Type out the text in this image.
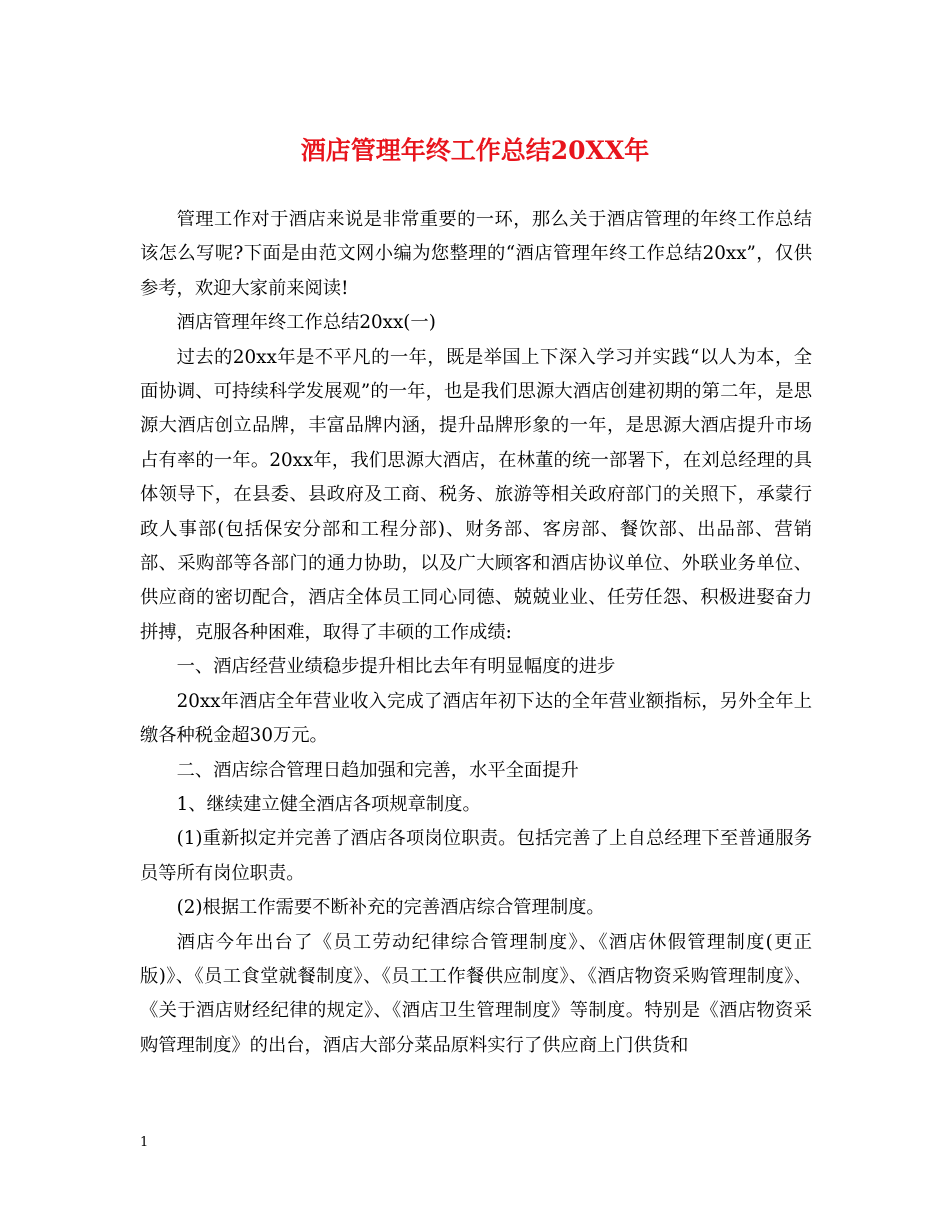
酒店管理年终工作总结20XX年

管理工作对于酒店来说是非常重要的一环，那么关于酒店管理的年终工作总结该怎么写呢?下面是由范文网小编为您整理的“酒店管理年终工作总结20xx”，仅供参考，欢迎大家前来阅读!

酒店管理年终工作总结20xx(一)

过去的20xx年是不平凡的一年，既是举国上下深入学习并实践“以人为本，全面协调、可持续科学发展观”的一年，也是我们思源大酒店创建初期的第二年，是思源大酒店创立品牌，丰富品牌内涵，提升品牌形象的一年，是思源大酒店提升市场占有率的一年。20xx年，我们思源大酒店，在林董的统一部署下，在刘总经理的具体领导下，在县委、县政府及工商、税务、旅游等相关政府部门的关照下，承蒙行政人事部(包括保安分部和工程分部)、财务部、客房部、餐饮部、出品部、营销部、采购部等各部门的通力协助，以及广大顾客和酒店协议单位、外联业务单位、供应商的密切配合，酒店全体员工同心同德、兢兢业业、任劳任怨、积极进娶奋力拼搏，克服各种困难，取得了丰硕的工作成绩:

一、酒店经营业绩稳步提升相比去年有明显幅度的进步

20xx年酒店全年营业收入完成了酒店年初下达的全年营业额指标，另外全年上缴各种税金超30万元。

二、酒店综合管理日趋加强和完善，水平全面提升

1、继续建立健全酒店各项规章制度。

(1)重新拟定并完善了酒店各项岗位职责。包括完善了上自总经理下至普通服务员等所有岗位职责。

(2)根据工作需要不断补充的完善酒店综合管理制度。

酒店今年出台了《员工劳动纪律综合管理制度》、《酒店休假管理制度(更正版)》、《员工食堂就餐制度》、《员工工作餐供应制度》、《酒店物资采购管理制度》、《关于酒店财经纪律的规定》、《酒店卫生管理制度》等制度。特别是《酒店物资采购管理制度》的出台，酒店大部分菜品原料实行了供应商上门供货和

1
